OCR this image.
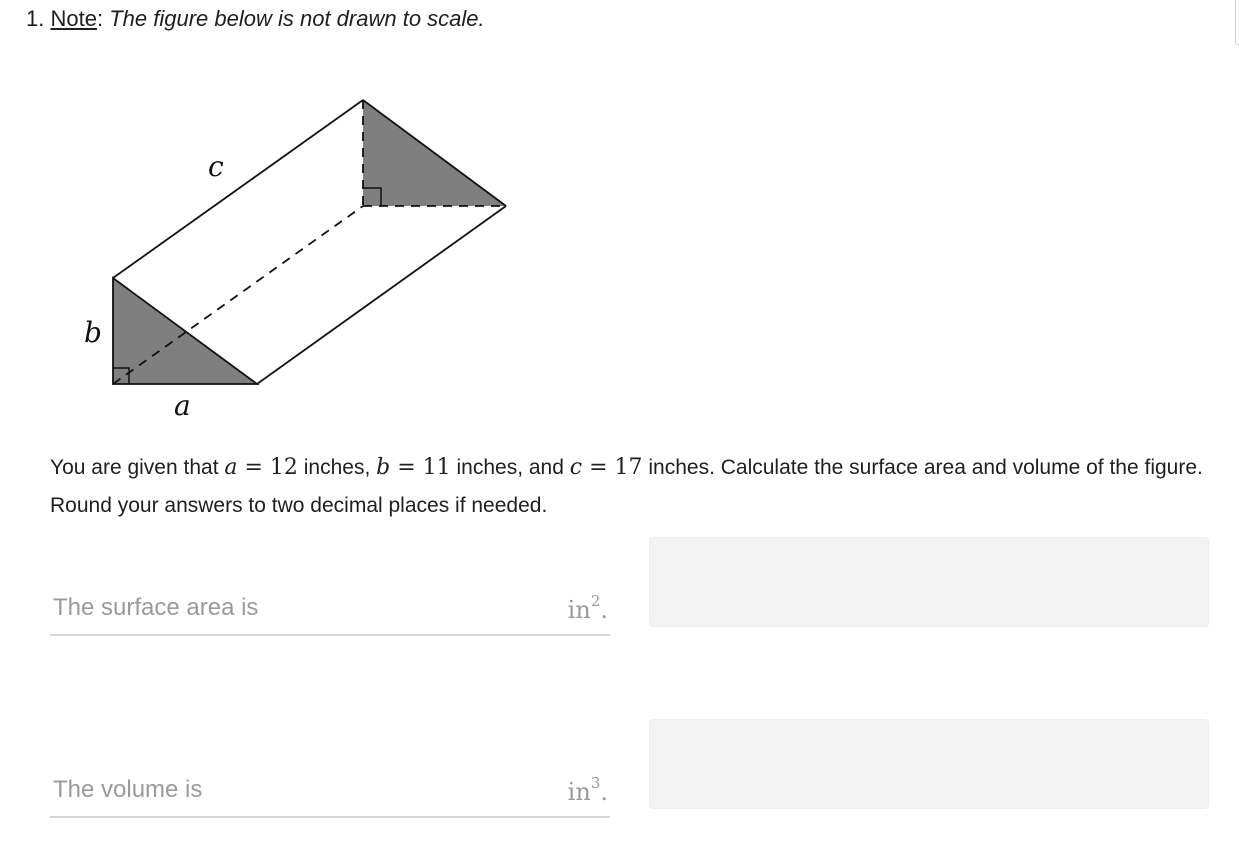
1. Note: The figure below is not drawn to scale.
c
b
a
You are given that a = 12 inches, b = 11 inches, and c = 17 inches. Calculate the surface area and volume of the figure. Round your answers to two decimal places if needed.
The surface area is	$in^2$.
The volume is	$in^3$.
